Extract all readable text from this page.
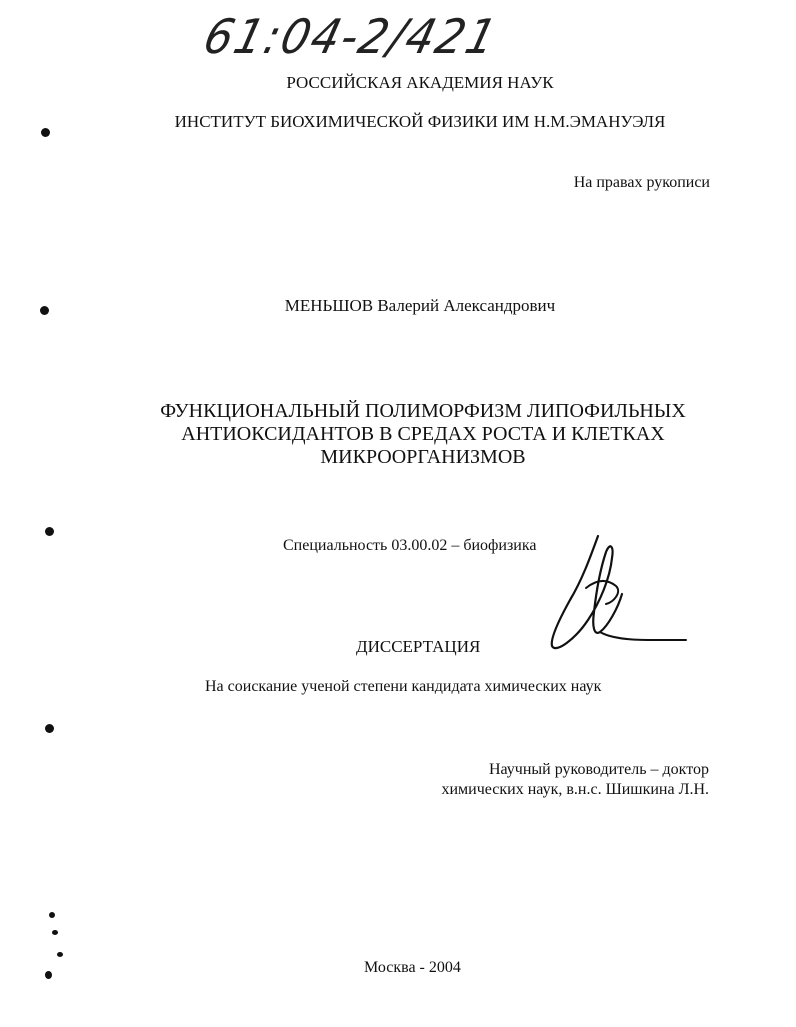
61:04-2/421
РОССИЙСКАЯ АКАДЕМИЯ НАУК
ИНСТИТУТ БИОХИМИЧЕСКОЙ ФИЗИКИ ИМ Н.М.ЭМАНУЭЛЯ
На правах рукописи
МЕНЬШОВ Валерий Александрович
ФУНКЦИОНАЛЬНЫЙ ПОЛИМОРФИЗМ ЛИПОФИЛЬНЫХ
АНТИОКСИДАНТОВ В СРЕДАХ РОСТА И КЛЕТКАХ
МИКРООРГАНИЗМОВ
Специальность 03.00.02 – биофизика
ДИССЕРТАЦИЯ
На соискание ученой степени кандидата химических наук
Научный руководитель – доктор
химических наук, в.н.с. Шишкина Л.Н.
Москва - 2004
